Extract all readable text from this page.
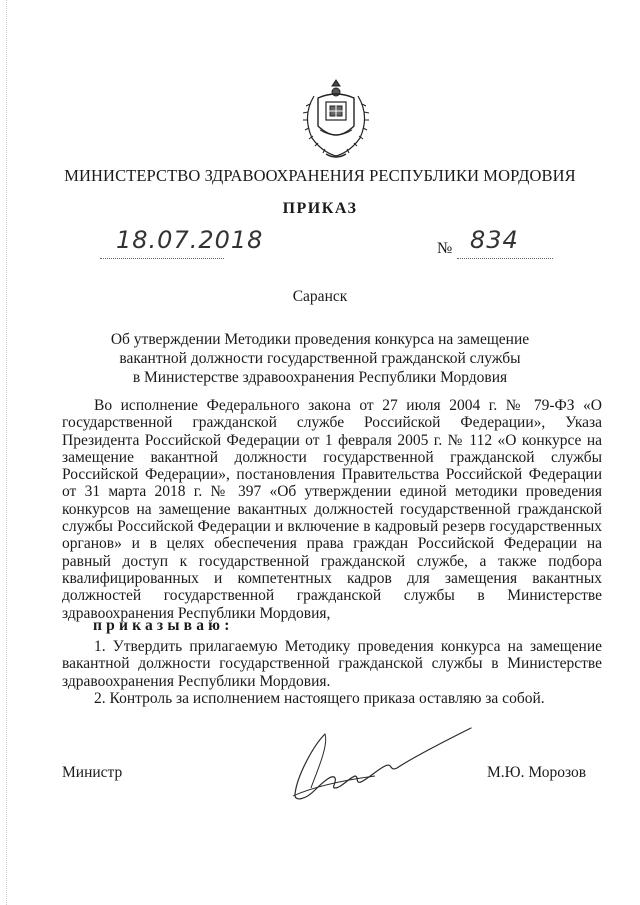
МИНИСТЕРСТВО ЗДРАВООХРАНЕНИЯ РЕСПУБЛИКИ МОРДОВИЯ
ПРИКАЗ
18.07.2018	№ 834
Саранск
Об утверждении Методики проведения конкурса на замещение
вакантной должности государственной гражданской службы
в Министерстве здравоохранения Республики Мордовия

Во исполнение Федерального закона от 27 июля 2004 г. № 79-ФЗ «О государственной гражданской службе Российской Федерации», Указа Президента Российской Федерации от 1 февраля 2005 г. № 112 «О конкурсе на замещение вакантной должности государственной гражданской службы Российской Федерации», постановления Правительства Российской Федерации от 31 марта 2018 г. № 397 «Об утверждении единой методики проведения конкурсов на замещение вакантных должностей государственной гражданской службы Российской Федерации и включение в кадровый резерв государственных органов» и в целях обеспечения права граждан Российской Федерации на равный доступ к государственной гражданской службе, а также подбора квалифицированных и компетентных кадров для замещения вакантных должностей государственной гражданской службы в Министерстве здравоохранения Республики Мордовия,

приказываю:

1. Утвердить прилагаемую Методику проведения конкурса на замещение вакантной должности государственной гражданской службы в Министерстве здравоохранения Республики Мордовия.

2. Контроль за исполнением настоящего приказа оставляю за собой.

Министр	М.Ю. Морозов
